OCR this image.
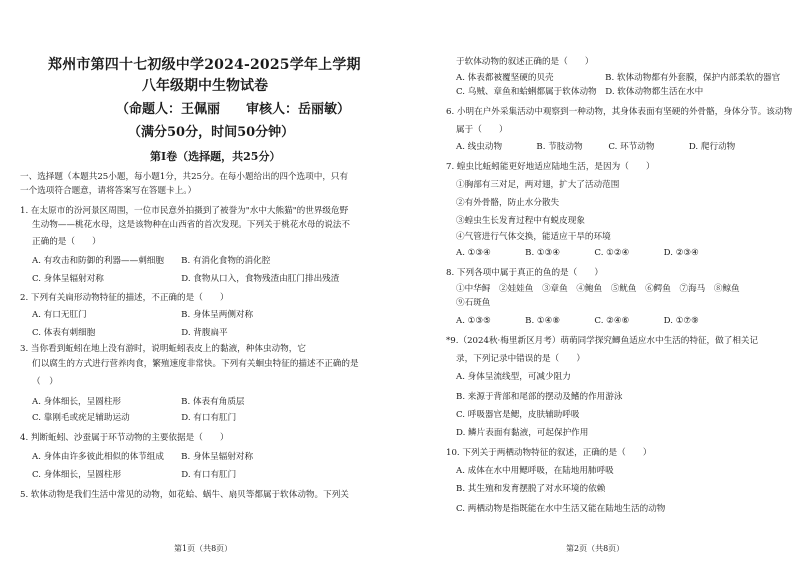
郑州市第四十七初级中学2024-2025学年上学期
八年级期中生物试卷
（命题人：王佩丽　　审核人：岳丽敏）
（满分50分，时间50分钟）
第Ⅰ卷（选择题，共25分）
一、选择题（本题共25小题，每小题1分，共25分。在每小题给出的四个选项中，只有
一个选项符合题意，请将答案写在答题卡上。）
1. 在太原市的汾河景区周围，一位市民意外拍摄到了被誉为"水中大熊猫"的世界级危野
生动物——桃花水母，这是该物种在山西省的首次发现。下列关于桃花水母的说法不
正确的是（　　）
A. 有攻击和防御的利器——刺细胞　　B. 有消化食物的消化腔
C. 身体呈辐射对称　　　　　　　　　D. 食物从口入，食物残渣由肛门排出残渣
2. 下列有关扁形动物特征的描述，不正确的是（　　）
A. 有口无肛门　　　　　　　　　　　B. 身体呈两侧对称
C. 体表有刺细胞　　　　　　　　　　D. 背腹扁平
3. 当你看到蚯蚓在地上没有游时，说明蚯蚓表皮上的黏液，种体虫动物，它
们以腐生的方式进行营养肉食，繁殖速度非常快。下列有关蛔虫特征的描述不正确的是
（　）
A. 身体细长，呈圆柱形　　　　　　　B. 体表有角质层
C. 靠刚毛或疣足辅助运动　　　　　　D. 有口有肛门
4. 判断蚯蚓、沙蚕属于环节动物的主要依据是（　　）
A. 身体由许多彼此相似的体节组成　　B. 身体呈辐射对称
C. 身体细长，呈圆柱形　　　　　　　D. 有口有肛门
5. 软体动物是我们生活中常见的动物，如花蛤、蜗牛、扇贝等都属于软体动物。下列关
第1页（共8页）
于软体动物的叙述正确的是（　　）
A. 体表都被覆坚硬的贝壳　　　　　　B. 软体动物都有外套膜，保护内部柔软的器官
C. 乌贼、章鱼和蛤蜊都属于软体动物　D. 软体动物都生活在水中
6. 小明在户外采集活动中观察到一种动物，其身体表面有坚硬的外骨骼，身体分节。该动物
属于（　　）
A. 线虫动物　　　　B. 节肢动物　　　C. 环节动物　　　　D. 爬行动物
7. 蝗虫比蚯蚓能更好地适应陆地生活，是因为（　　）
①胸部有三对足，两对翅，扩大了活动范围
②有外骨骼，防止水分散失
③蝗虫生长发育过程中有蜕皮现象
④气管进行气体交换，能适应干旱的环境
A. ①③④　　　　B. ①③④　　　　C. ①②④　　　　D. ②③④
8. 下列各项中属于真正的鱼的是（　　）
①中华鲟　②娃娃鱼　③章鱼　④鲍鱼　⑤鱿鱼　⑥鳄鱼　⑦海马　⑧鲸鱼
⑨石斑鱼
A. ①③⑤　　　　B. ①④⑧　　　　C. ②④⑥　　　　D. ①⑦⑨
*9.（2024秋·梅里新区月考）萌萌同学探究鲫鱼适应水中生活的特征，做了相关记
录，下列记录中错误的是（　　）
A. 身体呈流线型，可减少阻力
B. 来源于背部和尾部的摆动及鳍的作用游泳
C. 呼吸器官是鳃，皮肤辅助呼吸
D. 鳞片表面有黏液，可起保护作用
10. 下列关于两栖动物特征的叙述，正确的是（　　）
A. 成体在水中用鳃呼吸，在陆地用肺呼吸
B. 其生殖和发育摆脱了对水环境的依赖
C. 两栖动物是指既能在水中生活又能在陆地生活的动物
第2页（共8页）
